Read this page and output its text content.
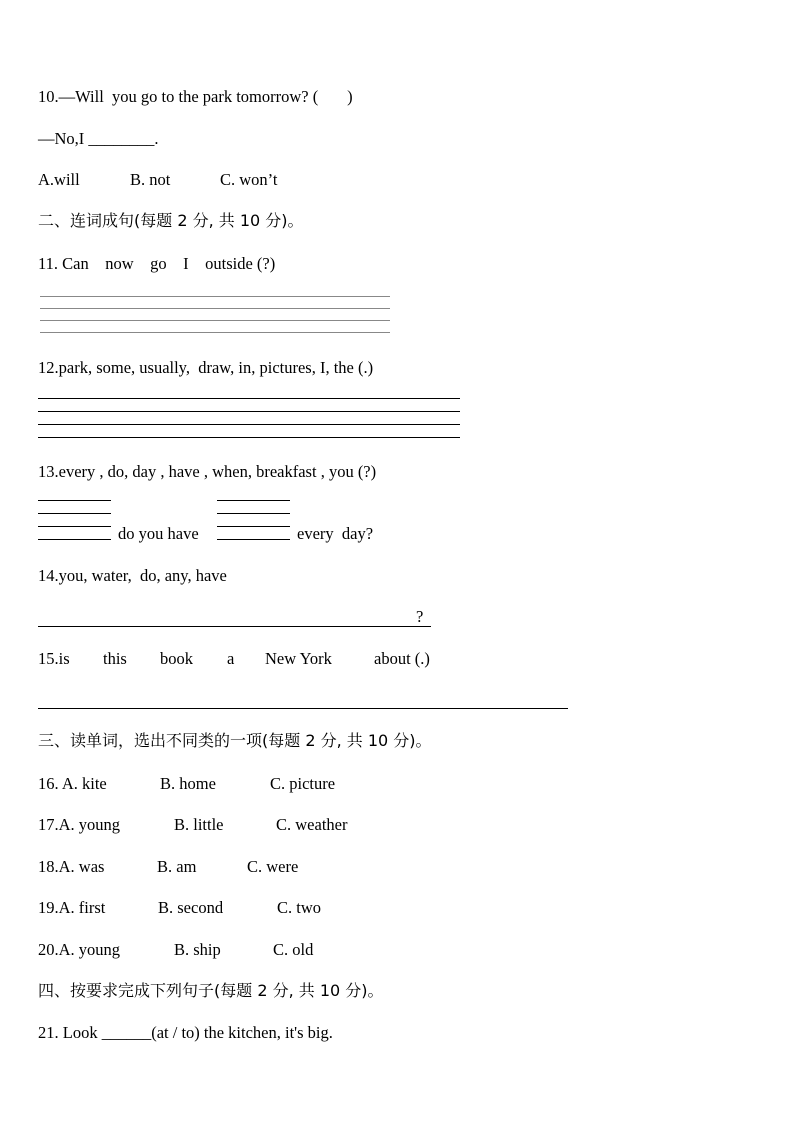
10.—Will  you go to the park tomorrow? (       )
—No,I ________.
A.will	B. not	C. won’t
二、连词成句(每题 2 分, 共 10 分)。
11. Can    now    go    I    outside (?)
12.park, some, usually,  draw, in, pictures, I, the (.)
13.every , do, day , have , when, breakfast , you (?)
do you have	every  day?
14.you, water,  do, any, have
?
15.is this book a New York	about (.)
三、读单词，选出不同类的一项(每题 2 分, 共 10 分)。
16. A. kite	B. home	C. picture
17.A. young	B. little	C. weather
18.A. was	B. am	C. were
19.A. first	B. second	C. two
20.A. young	B. ship	C. old
四、按要求完成下列句子(每题 2 分, 共 10 分)。
21. Look ______(at / to) the kitchen, it's big.
